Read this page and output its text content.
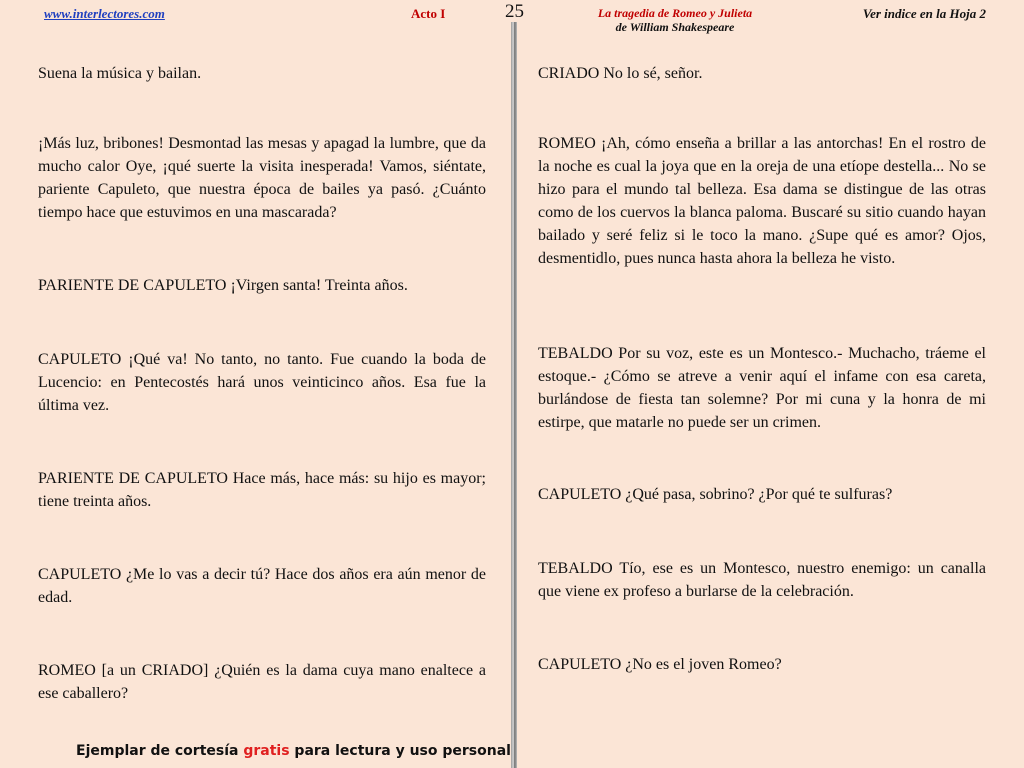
www.interlectores.com	Acto I	25	La tragedia de Romeo y Julieta
de William Shakespeare
Ver indice en la Hoja 2

Suena la música y bailan.

¡Más luz, bribones! Desmontad las mesas y apagad la lumbre, que da mucho calor Oye, ¡qué suerte la visita inesperada! Vamos, siéntate, pariente Capuleto, que nuestra época de bailes ya pasó. ¿Cuánto tiempo hace que estuvimos en una mascarada?

PARIENTE DE CAPULETO ¡Virgen santa! Treinta años.

CAPULETO ¡Qué va! No tanto, no tanto. Fue cuando la boda de Lucencio: en Pentecostés hará unos veinticinco años. Esa fue la última vez.

PARIENTE DE CAPULETO Hace más, hace más: su hijo es mayor; tiene treinta años.

CAPULETO ¿Me lo vas a decir tú? Hace dos años era aún menor de edad.

ROMEO [a un CRIADO] ¿Quién es la dama cuya mano enaltece a ese caballero?

CRIADO No lo sé, señor.

ROMEO ¡Ah, cómo enseña a brillar a las antorchas! En el rostro de la noche es cual la joya que en la oreja de una etíope destella... No se hizo para el mundo tal belleza. Esa dama se distingue de las otras como de los cuervos la blanca paloma. Buscaré su sitio cuando hayan bailado y seré feliz si le toco la mano. ¿Supe qué es amor? Ojos, desmentidlo, pues nunca hasta ahora la belleza he visto.

TEBALDO Por su voz, este es un Montesco.- Muchacho, tráeme el estoque.- ¿Cómo se atreve a venir aquí el infame con esa careta, burlándose de fiesta tan solemne? Por mi cuna y la honra de mi estirpe, que matarle no puede ser un crimen.

CAPULETO ¿Qué pasa, sobrino? ¿Por qué te sulfuras?

TEBALDO Tío, ese es un Montesco, nuestro enemigo: un canalla que viene ex profeso a burlarse de la celebración.

CAPULETO ¿No es el joven Romeo?

Ejemplar de cortesía gratis para lectura y uso personal
